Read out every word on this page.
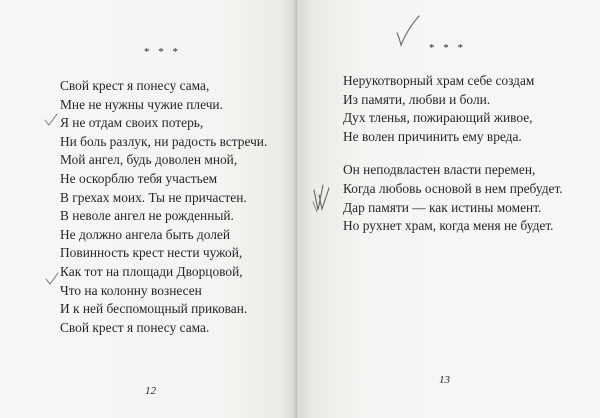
* * *
Свой крест я понесу сама,
Мне не нужны чужие плечи.
Я не отдам своих потерь,
Ни боль разлук, ни радость встречи.
Мой ангел, будь доволен мной,
Не оскорблю тебя участьем
В грехах моих. Ты не причастен.
В неволе ангел не рожденный.
Не должно ангела быть долей
Повинность крест нести чужой,
Как тот на площади Дворцовой,
Что на колонну вознесен
И к ней беспомощный прикован.
Свой крест я понесу сама.
12
* * *
Нерукотворный храм себе создам
Из памяти, любви и боли.
Дух тленья, пожирающий живое,
Не волен причинить ему вреда.
Он неподвластен власти перемен,
Когда любовь основой в нем пребудет.
Дар памяти — как истины момент.
Но рухнет храм, когда меня не будет.
13
